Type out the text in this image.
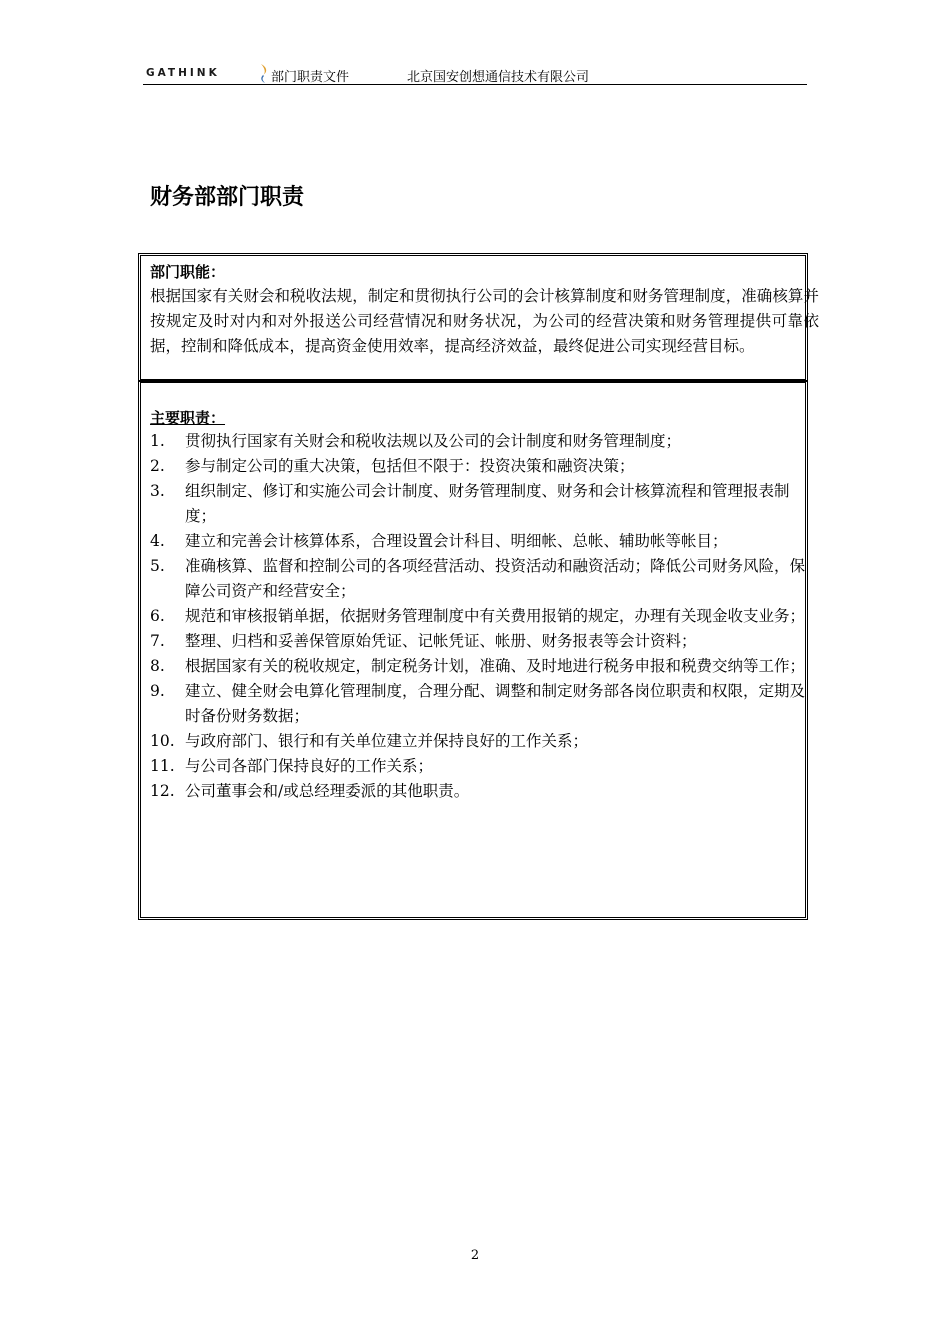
GATHINK	部门职责文件	北京国安创想通信技术有限公司
财务部部门职责
部门职能：

根据国家有关财会和税收法规，制定和贯彻执行公司的会计核算制度和财务管理制度，准确核算并按规定及时对内和对外报送公司经营情况和财务状况，为公司的经营决策和财务管理提供可靠依据，控制和降低成本，提高资金使用效率，提高经济效益，最终促进公司实现经营目标。

主要职责：
1.	贯彻执行国家有关财会和税收法规以及公司的会计制度和财务管理制度；
2.	参与制定公司的重大决策，包括但不限于：投资决策和融资决策；
3.	组织制定、修订和实施公司会计制度、财务管理制度、财务和会计核算流程和管理报表制度；
4.	建立和完善会计核算体系，合理设置会计科目、明细帐、总帐、辅助帐等帐目；
5.	准确核算、监督和控制公司的各项经营活动、投资活动和融资活动；降低公司财务风险，保障公司资产和经营安全；
6.	规范和审核报销单据，依据财务管理制度中有关费用报销的规定，办理有关现金收支业务；
7.	整理、归档和妥善保管原始凭证、记帐凭证、帐册、财务报表等会计资料；
8.	根据国家有关的税收规定，制定税务计划，准确、及时地进行税务申报和税费交纳等工作；
9.	建立、健全财会电算化管理制度，合理分配、调整和制定财务部各岗位职责和权限，定期及时备份财务数据；
10. 与政府部门、银行和有关单位建立并保持良好的工作关系；
11. 与公司各部门保持良好的工作关系；
12. 公司董事会和/或总经理委派的其他职责。
2
